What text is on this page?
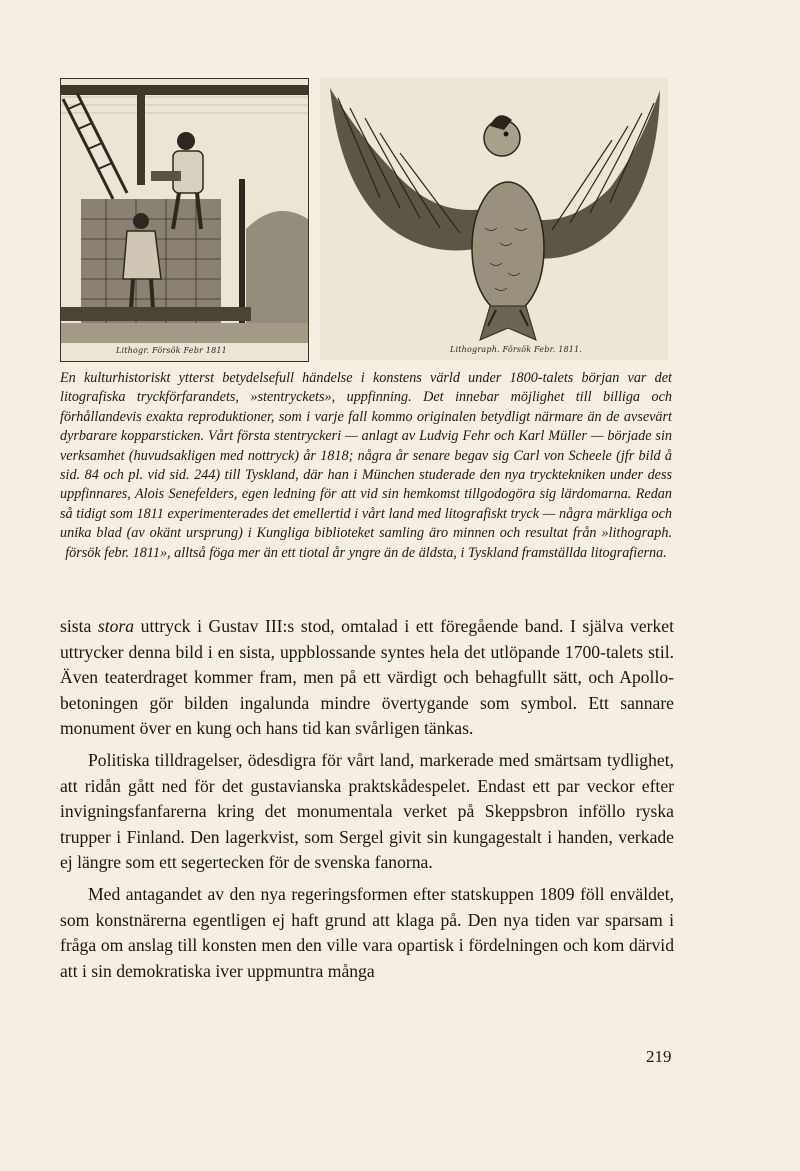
Lithogr. Försök Febr 1811	Lithograph. Försök Febr. 1811.
En kulturhistoriskt ytterst betydelsefull händelse i konstens värld under 1800-talets början var det litografiska tryckförfarandets, »stentryckets», uppfinning. Det innebar möjlighet till billiga och förhållandevis exakta reproduktioner, som i varje fall kommo originalen betydligt närmare än de avsevärt dyrbarare kopparsticken. Vårt första stentryckeri — anlagt av Ludvig Fehr och Karl Müller — började sin verksamhet (huvudsakligen med nottryck) år 1818; några år senare begav sig Carl von Scheele (jfr bild å sid. 84 och pl. vid sid. 244) till Tyskland, där han i München studerade den nya trycktekniken under dess uppfinnares, Alois Senefelders, egen ledning för att vid sin hemkomst tillgodogöra sig lärdomarna. Redan så tidigt som 1811 experimenterades det emellertid i vårt land med litografiskt tryck — några märkliga och unika blad (av okänt ursprung) i Kungliga biblioteket samling äro minnen och resultat från »lithograph. försök febr. 1811», alltså föga mer än ett tiotal år yngre än de äldsta, i Tyskland framställda litografierna.

sista stora uttryck i Gustav III:s stod, omtalad i ett föregående band. I själva verket uttrycker denna bild i en sista, uppblossande syntes hela det utlöpande 1700-talets stil. Även teaterdraget kommer fram, men på ett värdigt och behagfullt sätt, och Apollo-betoningen gör bilden ingalunda mindre övertygande som symbol. Ett sannare monument över en kung och hans tid kan svårligen tänkas.

Politiska tilldragelser, ödesdigra för vårt land, markerade med smärtsam tydlighet, att ridån gått ned för det gustavianska praktskådespelet. Endast ett par veckor efter invigningsfanfarerna kring det monumentala verket på Skeppsbron inföllo ryska trupper i Finland. Den lagerkvist, som Sergel givit sin kungagestalt i handen, verkade ej längre som ett segertecken för de svenska fanorna.

Med antagandet av den nya regeringsformen efter statskuppen 1809 föll enväldet, som konstnärerna egentligen ej haft grund att klaga på. Den nya tiden var sparsam i fråga om anslag till konsten men den ville vara opartisk i fördelningen och kom därvid att i sin demokratiska iver uppmuntra många

219
